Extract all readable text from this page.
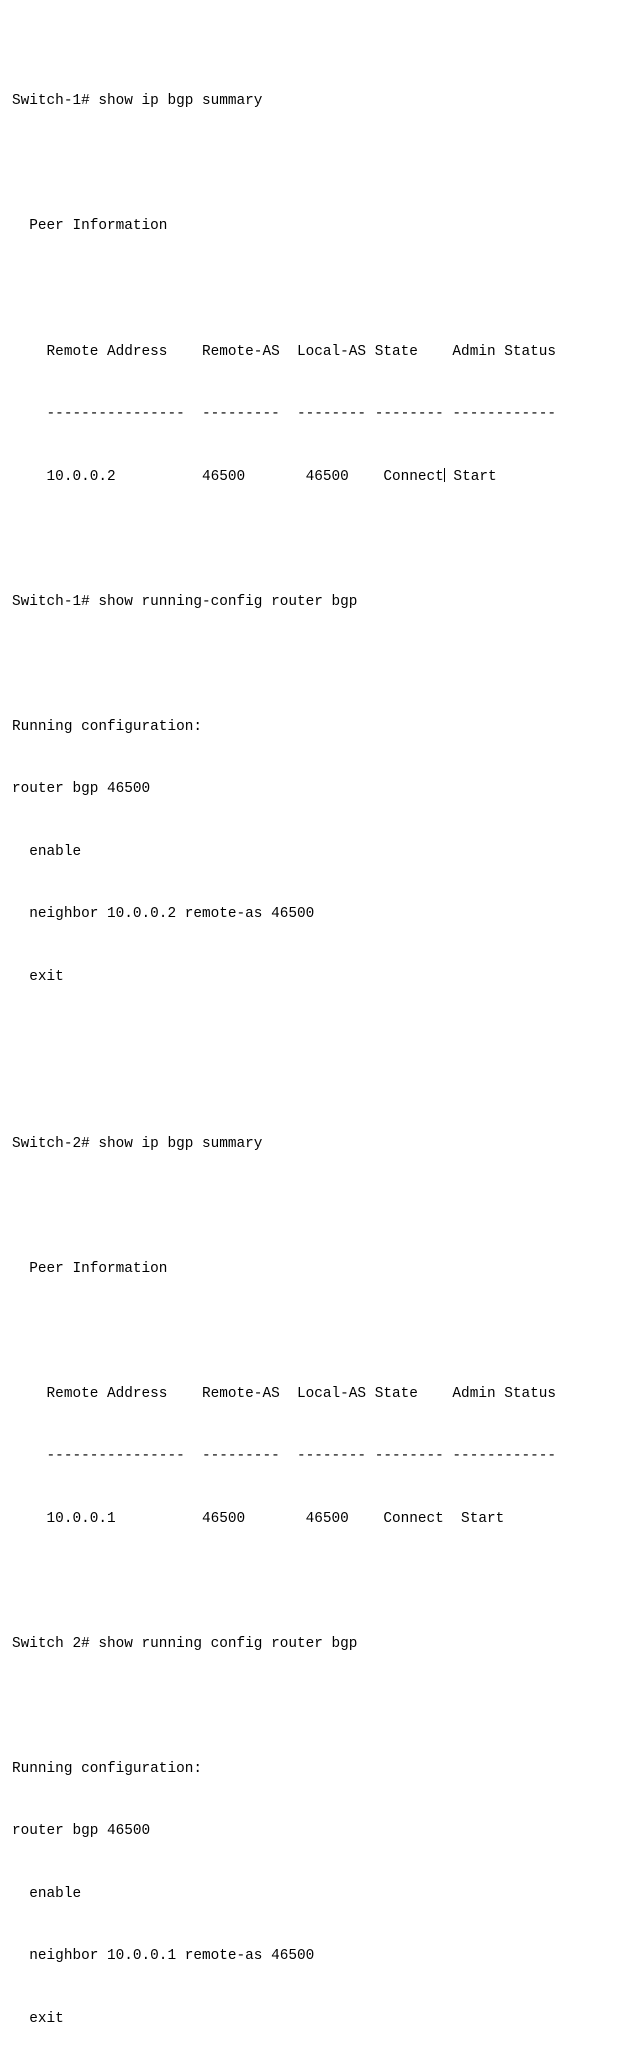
Switch-1# show ip bgp summary

Peer Information

Remote Address    Remote-AS  Local-AS State    Admin Status

----------------  ---------  -------- -------- ------------

10.0.0.2          46500       46500    Connect Start

Switch-1# show running-config router bgp

Running configuration:

router bgp 46500

enable

neighbor 10.0.0.2 remote-as 46500

exit

Switch-2# show ip bgp summary

Peer Information

Remote Address    Remote-AS  Local-AS State    Admin Status

----------------  ---------  -------- -------- ------------

10.0.0.1          46500       46500    Connect  Start

Switch 2# show running config router bgp

Running configuration:

router bgp 46500

enable

neighbor 10.0.0.1 remote-as 46500

exit
